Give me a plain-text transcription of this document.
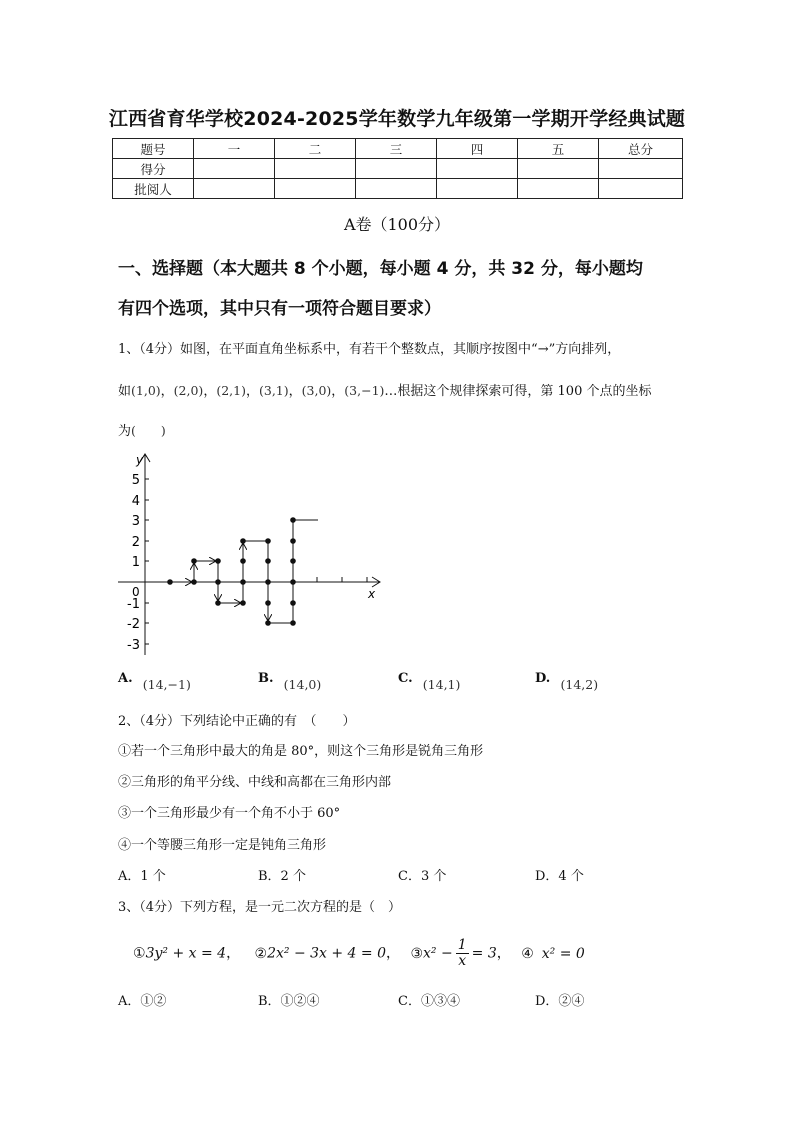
江西省育华学校2024-2025学年数学九年级第一学期开学经典试题
题号	一	二	三	四	五	总分
得分						
批阅人						
A卷（100分）
一、选择题（本大题共 8 个小题，每小题 4 分，共 32 分，每小题均
有四个选项，其中只有一项符合题目要求）
1、（4分）如图，在平面直角坐标系中，有若干个整数点，其顺序按图中“→”方向排列，
如(1,0)，(2,0)，(2,1)，(3,1)，(3,0)，(3,−1)…根据这个规律探索可得，第 100 个点的坐标
为(　　)
x
y
0
5
4
3
2
1
-1
-2
-3
A. (14,−1)	B. (14,0)	C. (14,1)	D. (14,2)
2、（4分）下列结论中正确的有　（　　）
①若一个三角形中最大的角是 80°，则这个三角形是锐角三角形
②三角形的角平分线、中线和高都在三角形内部
③一个三角形最少有一个角不小于 60°
④一个等腰三角形一定是钝角三角形
A．1 个	B．2 个	C．3 个	D．4 个
3、（4分）下列方程，是一元二次方程的是（　）
①3y² + x = 4， ②2x² − 3x + 4 = 0， ③x² − $\frac{1}{x} = 3$， ④ x² = 0
A．①②	B．①②④	C．①③④	D．②④
